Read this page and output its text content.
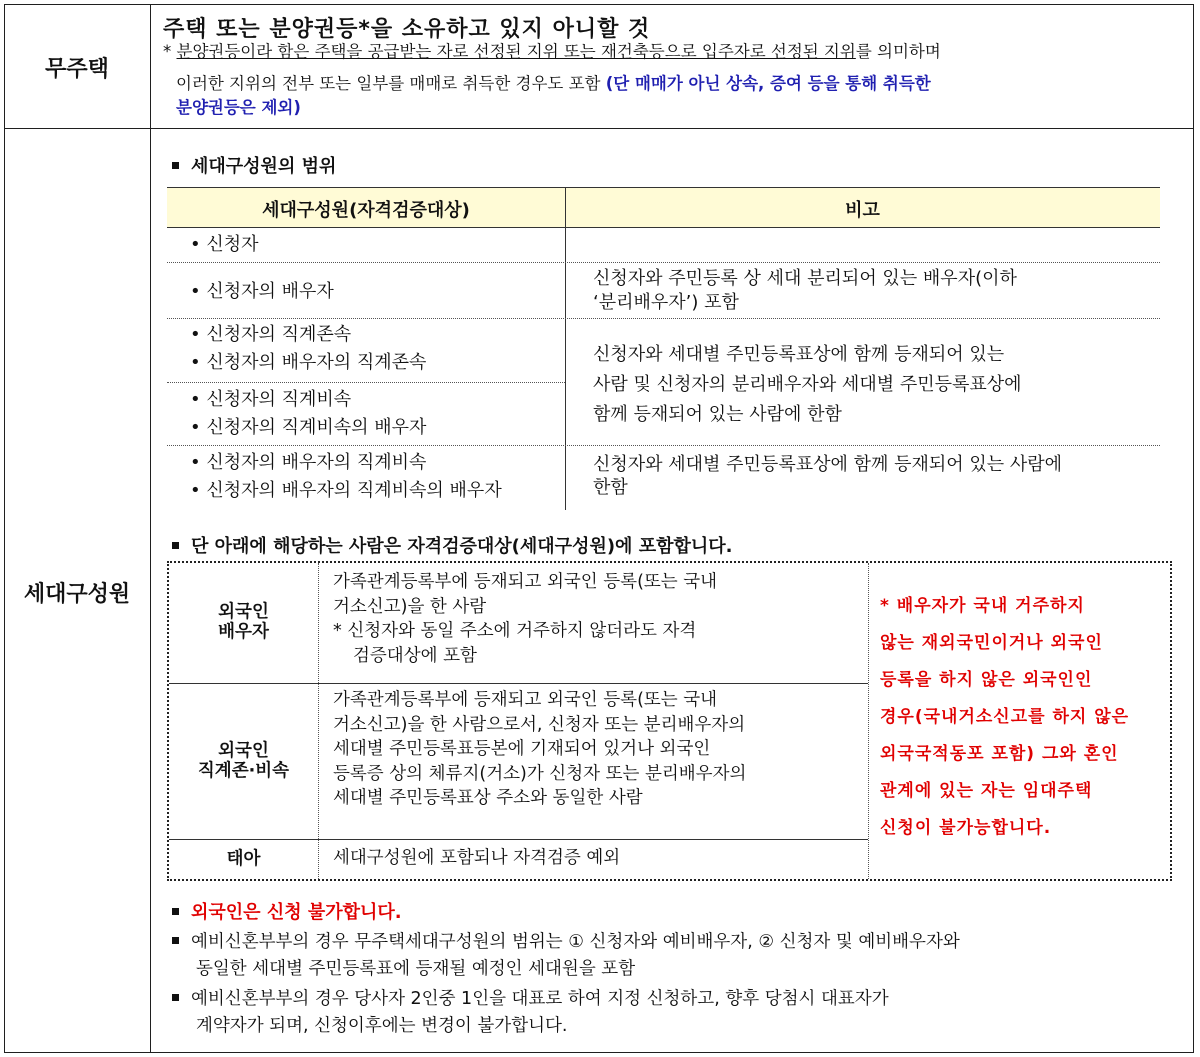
무주택
주택 또는 분양권등*을 소유하고 있지 아니할 것
* 분양권등이라 함은 주택을 공급받는 자로 선정된 지위 또는 재건축등으로 입주자로 선정된 지위를 의미하며
이러한 지위의 전부 또는 일부를 매매로 취득한 경우도 포함 (단 매매가 아닌 상속, 증여 등을 통해 취득한
분양권등은 제외)
세대구성원
세대구성원의 범위
세대구성원(자격검증대상)	비고
• 신청자
• 신청자의 배우자
신청자와 주민등록 상 세대 분리되어 있는 배우자(이하
‘분리배우자’) 포함
• 신청자의 직계존속
• 신청자의 배우자의 직계존속
• 신청자의 직계비속
• 신청자의 직계비속의 배우자
신청자와 세대별 주민등록표상에 함께 등재되어 있는
사람 및 신청자의 분리배우자와 세대별 주민등록표상에
함께 등재되어 있는 사람에 한함
• 신청자의 배우자의 직계비속
• 신청자의 배우자의 직계비속의 배우자
신청자와 세대별 주민등록표상에 함께 등재되어 있는 사람에
한함
단 아래에 해당하는 사람은 자격검증대상(세대구성원)에 포함합니다.
외국인
배우자
가족관계등록부에 등재되고 외국인 등록(또는 국내
거소신고)을 한 사람
* 신청자와 동일 주소에 거주하지 않더라도 자격
검증대상에 포함
외국인
직계존·비속
가족관계등록부에 등재되고 외국인 등록(또는 국내
거소신고)을 한 사람으로서, 신청자 또는 분리배우자의
세대별 주민등록표등본에 기재되어 있거나 외국인
등록증 상의 체류지(거소)가 신청자 또는 분리배우자의
세대별 주민등록표상 주소와 동일한 사람
태아	세대구성원에 포함되나 자격검증 예외
* 배우자가 국내 거주하지
않는 재외국민이거나 외국인
등록을 하지 않은 외국인인
경우(국내거소신고를 하지 않은
외국국적동포 포함) 그와 혼인
관계에 있는 자는 임대주택
신청이 불가능합니다.
외국인은 신청 불가합니다.
예비신혼부부의 경우 무주택세대구성원의 범위는 ① 신청자와 예비배우자, ② 신청자 및 예비배우자와
동일한 세대별 주민등록표에 등재될 예정인 세대원을 포함
예비신혼부부의 경우 당사자 2인중 1인을 대표로 하여 지정 신청하고, 향후 당첨시 대표자가
계약자가 되며, 신청이후에는 변경이 불가합니다.
